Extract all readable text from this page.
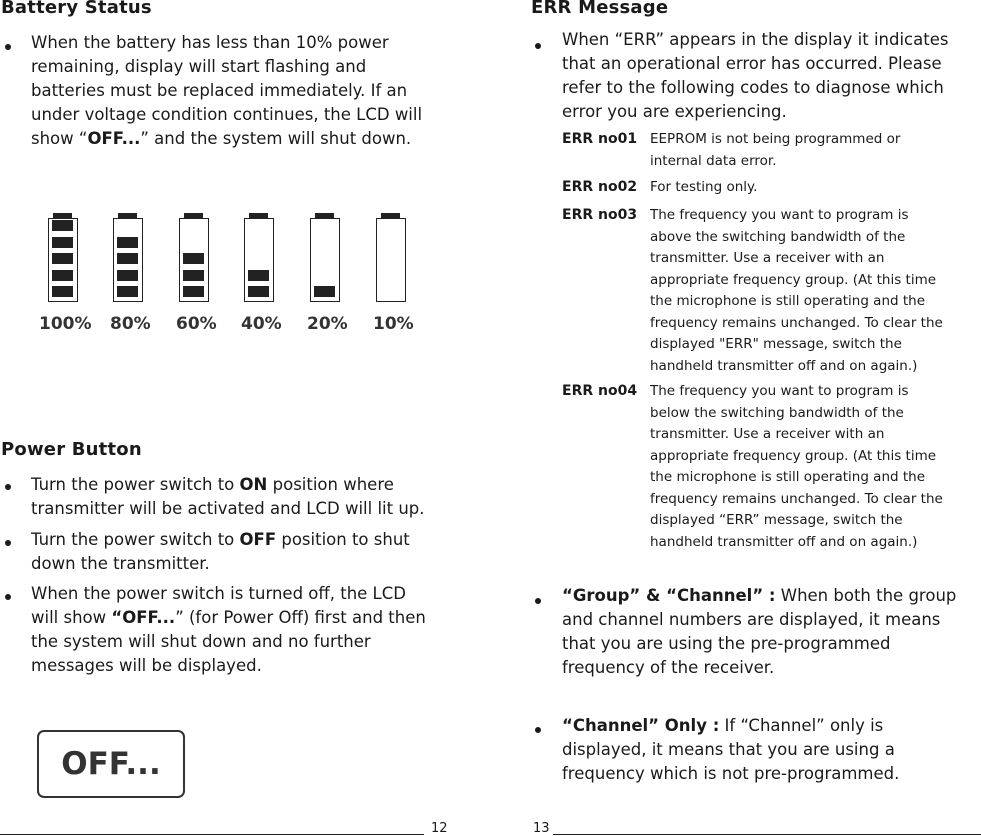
Battery Status
When the battery has less than 10% power
remaining, display will start flashing and
batteries must be replaced immediately. If an
under voltage condition continues, the LCD will
show “OFF...” and the system will shut down.
100% 80% 60% 40% 20% 10%
Power Button
Turn the power switch to ON position where
transmitter will be activated and LCD will lit up.
Turn the power switch to OFF position to shut
down the transmitter.
When the power switch is turned off, the LCD
will show “OFF...” (for Power Off) first and then
the system will shut down and no further
messages will be displayed.
OFF...
12
ERR Message
When “ERR” appears in the display it indicates
that an operational error has occurred. Please
refer to the following codes to diagnose which
error you are experiencing.
ERR no01 EEPROM is not being programmed or
internal data error.
ERR no02 For testing only.
ERR no03 The frequency you want to program is
above the switching bandwidth of the
transmitter. Use a receiver with an
appropriate frequency group. (At this time
the microphone is still operating and the
frequency remains unchanged. To clear the
displayed "ERR" message, switch the
handheld transmitter off and on again.)
ERR no04 The frequency you want to program is
below the switching bandwidth of the
transmitter. Use a receiver with an
appropriate frequency group. (At this time
the microphone is still operating and the
frequency remains unchanged. To clear the
displayed “ERR” message, switch the
handheld transmitter off and on again.)
“Group” & “Channel” : When both the group
and channel numbers are displayed, it means
that you are using the pre-programmed
frequency of the receiver.
“Channel” Only : If “Channel” only is
displayed, it means that you are using a
frequency which is not pre-programmed.
13
